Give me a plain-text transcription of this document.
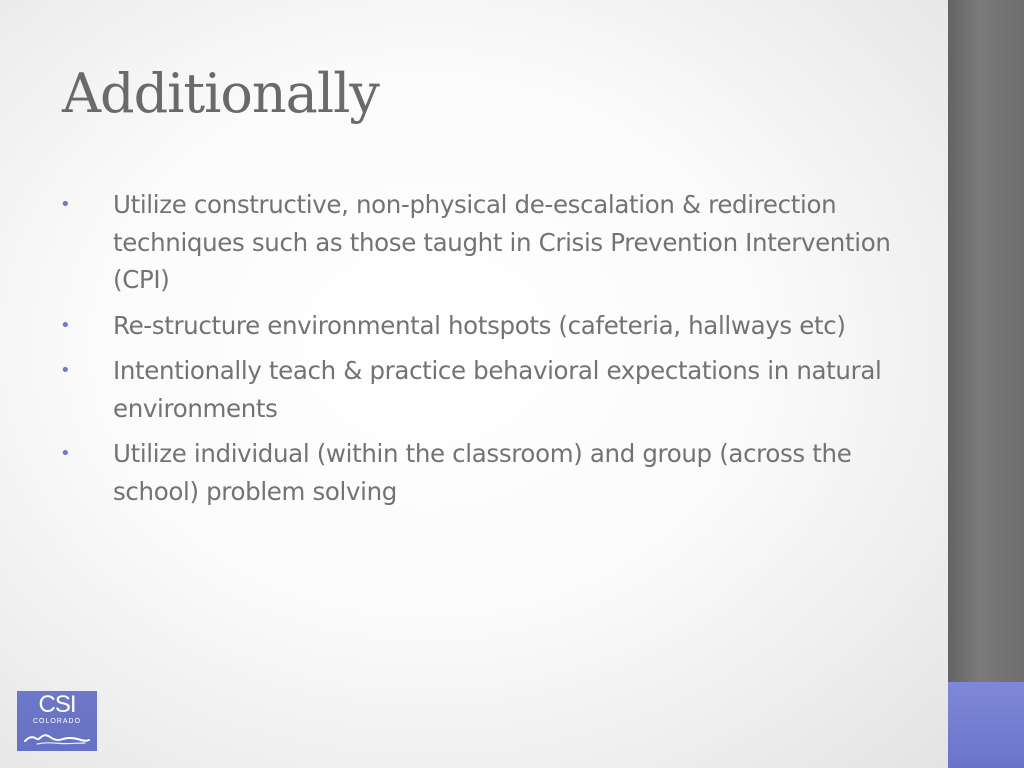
Additionally
• Utilize constructive, non-physical de-escalation & redirection techniques such as those taught in Crisis Prevention Intervention (CPI)
• Re-structure environmental hotspots (cafeteria, hallways etc)
• Intentionally teach & practice behavioral expectations in natural environments
• Utilize individual (within the classroom) and group (across the school) problem solving
CSI
COLORADO
